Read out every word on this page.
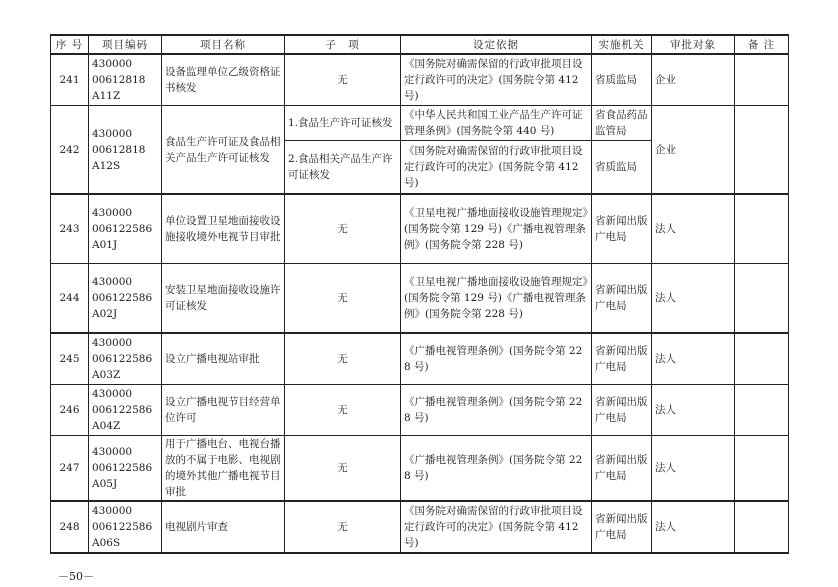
序 号	项目编码	项目名称	子　项	设定依据	实施机关	审批对象	备 注
241	430000
00612818
A11Z	设备监理单位乙级资格证书核发	无	《国务院对确需保留的行政审批项目设定行政许可的决定》(国务院令第 412 号)	省质监局	企业	
242	430000
00612818
A12S	食品生产许可证及食品相关产品生产许可证核发	1.食品生产许可证核发	《中华人民共和国工业产品生产许可证管理条例》(国务院令第 440 号)	省食品药品监管局	企业	
			2.食品相关产品生产许可证核发	《国务院对确需保留的行政审批项目设定行政许可的决定》(国务院令第 412 号)	省质监局		
243	430000
006122586
A01J	单位设置卫星地面接收设施接收境外电视节目审批	无	《卫星电视广播地面接收设施管理规定》(国务院令第 129 号)《广播电视管理条例》(国务院令第 228 号)	省新闻出版广电局	法人	
244	430000
006122586
A02J	安装卫星地面接收设施许可证核发	无	《卫星电视广播地面接收设施管理规定》(国务院令第 129 号)《广播电视管理条例》(国务院令第 228 号)	省新闻出版广电局	法人	
245	430000
006122586
A03Z	设立广播电视站审批	无	《广播电视管理条例》(国务院令第 228 号)	省新闻出版广电局	法人	
246	430000
006122586
A04Z	设立广播电视节目经营单位许可	无	《广播电视管理条例》(国务院令第 228 号)	省新闻出版广电局	法人	
247	430000
006122586
A05J	用于广播电台、电视台播放的不属于电影、电视剧的境外其他广播电视节目审批	无	《广播电视管理条例》(国务院令第 228 号)	省新闻出版广电局	法人	
248	430000
006122586
A06S	电视剧片审查	无	《国务院对确需保留的行政审批项目设定行政许可的决定》(国务院令第 412 号)	省新闻出版广电局	法人	
－50－
